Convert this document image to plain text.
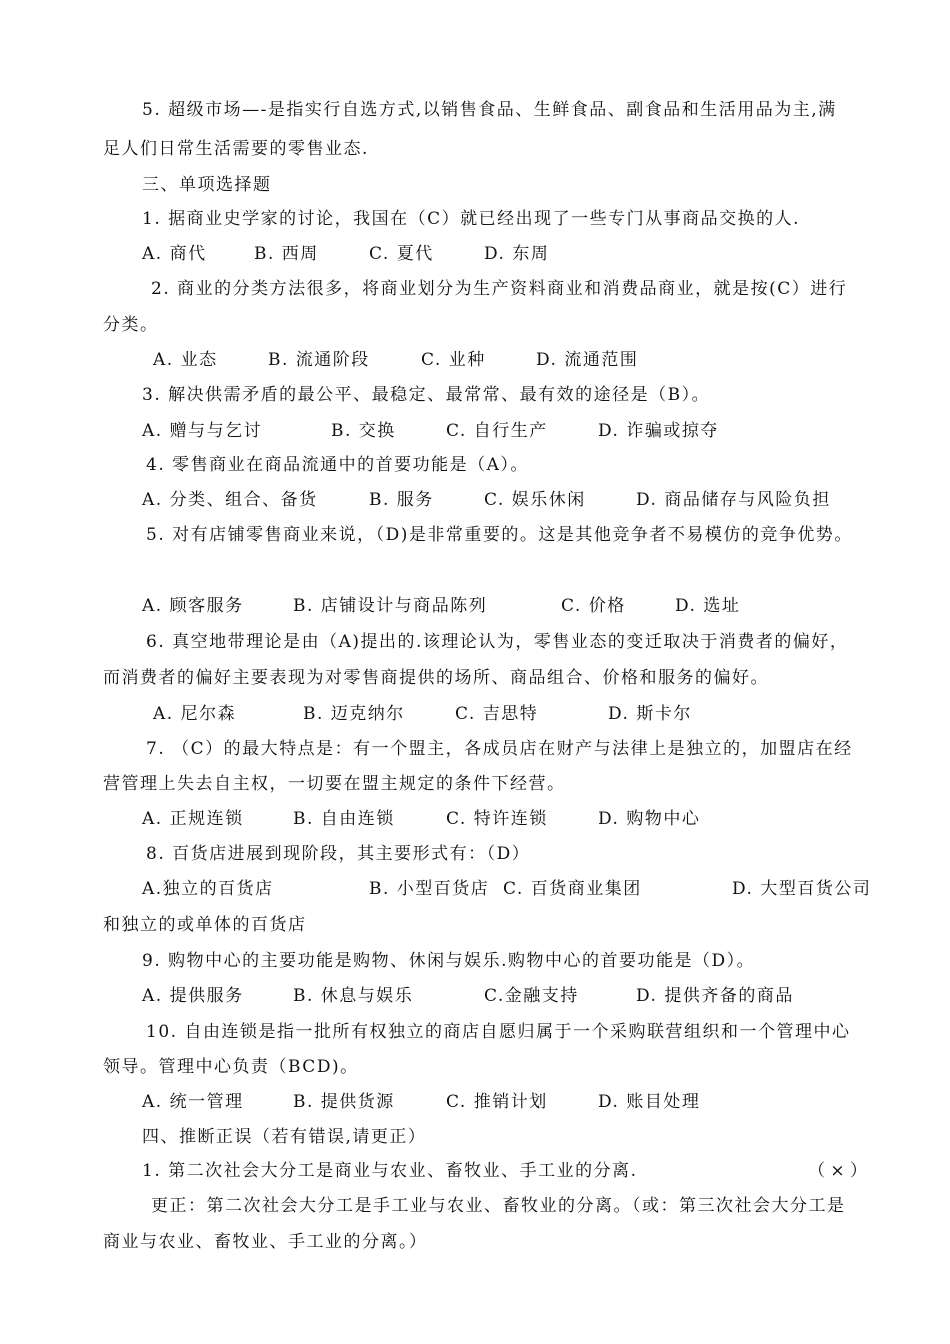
5. 超级市场—-是指实行自选方式,以销售食品、生鲜食品、副食品和生活用品为主,满
足人们日常生活需要的零售业态.
三、单项选择题
1. 据商业史学家的讨论，我国在（C）就已经出现了一些专门从事商品交换的人.
A. 商代	B. 西周	C. 夏代	D. 东周
2. 商业的分类方法很多，将商业划分为生产资料商业和消费品商业，就是按(C）进行
分类。
A. 业态	B. 流通阶段	C. 业种	D. 流通范围
3. 解决供需矛盾的最公平、最稳定、最常常、最有效的途径是（B）。
A. 赠与与乞讨	B. 交换	C. 自行生产	D. 诈骗或掠夺
4. 零售商业在商品流通中的首要功能是（A）。
A. 分类、组合、备货	B. 服务	C. 娱乐休闲	D. 商品储存与风险负担
5. 对有店铺零售商业来说，（D)是非常重要的。这是其他竞争者不易模仿的竞争优势。
A. 顾客服务	B. 店铺设计与商品陈列	C. 价格	D. 选址
6. 真空地带理论是由（A)提出的.该理论认为，零售业态的变迁取决于消费者的偏好，
而消费者的偏好主要表现为对零售商提供的场所、商品组合、价格和服务的偏好。
A. 尼尔森	B. 迈克纳尔	C. 吉思特	D. 斯卡尔
7. （C）的最大特点是：有一个盟主，各成员店在财产与法律上是独立的，加盟店在经
营管理上失去自主权，一切要在盟主规定的条件下经营。
A. 正规连锁	B. 自由连锁	C. 特许连锁	D. 购物中心
8. 百货店进展到现阶段，其主要形式有：（D）
A.独立的百货店	B. 小型百货店 C. 百货商业集团	D. 大型百货公司
和独立的或单体的百货店
9. 购物中心的主要功能是购物、休闲与娱乐.购物中心的首要功能是（D）。
A. 提供服务	B. 休息与娱乐	C.金融支持	D. 提供齐备的商品
10. 自由连锁是指一批所有权独立的商店自愿归属于一个采购联营组织和一个管理中心
领导。管理中心负责（BCD)。
A. 统一管理	B. 提供货源	C. 推销计划	D. 账目处理
四、推断正误（若有错误,请更正）
1. 第二次社会大分工是商业与农业、畜牧业、手工业的分离.	（ × ）
更正：第二次社会大分工是手工业与农业、畜牧业的分离。（或：第三次社会大分工是
商业与农业、畜牧业、手工业的分离。）
